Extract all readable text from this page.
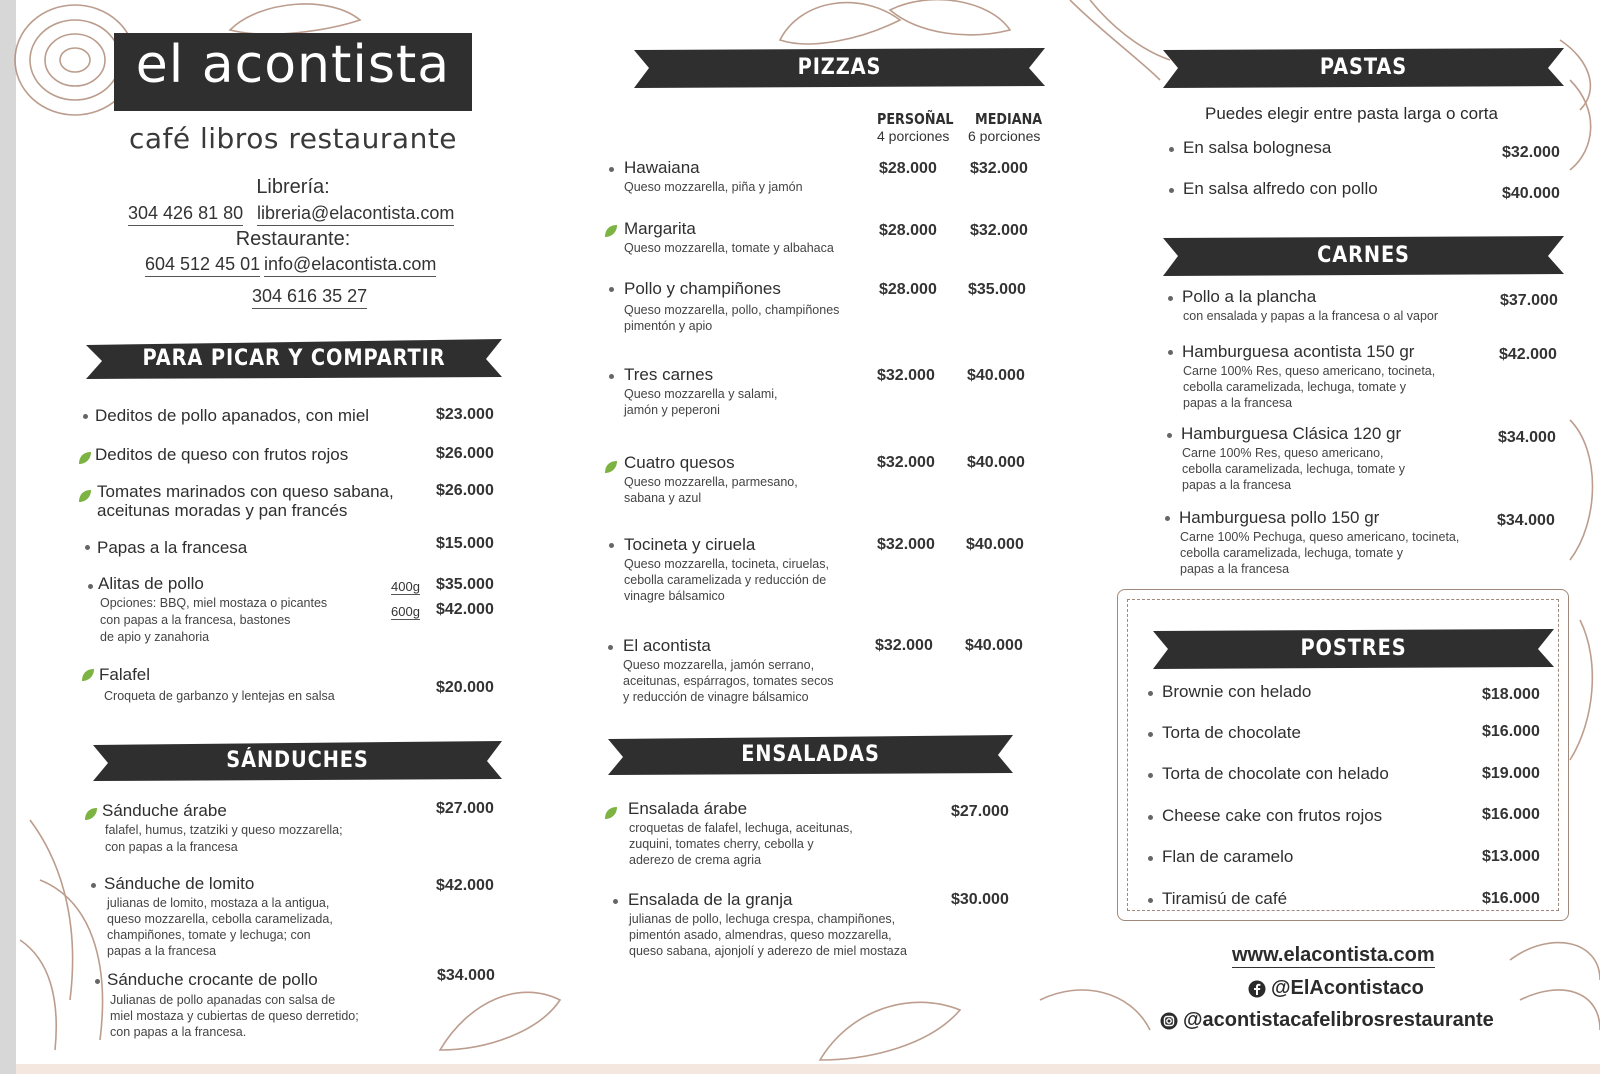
el acontista
café libros restaurante
Librería:
304 426 81 80 libreria@elacontista.com
Restaurante:
604 512 45 01 info@elacontista.com
304 616 35 27
PARA PICAR Y COMPARTIR
SÁNDUCHES
PIZZAS
ENSALADAS
PASTAS
CARNES
POSTRES
Deditos de pollo apanados, con miel	$23.000
Deditos de queso con frutos rojos	$26.000
Tomates marinados con queso sabana,
aceitunas moradas y pan francés
$26.000
Papas a la francesa	$15.000
Alitas de pollo
Opciones: BBQ, miel mostaza o picantes
con papas a la francesa, bastones
de apio y zanahoria
400g $35.000
600g $42.000
Falafel
Croqueta de garbanzo y lentejas en salsa	$20.000
Sánduche árabe
falafel, humus, tzatziki y queso mozzarella;
con papas a la francesa
$27.000
Sánduche de lomito
julianas de lomito, mostaza a la antigua,
queso mozzarella, cebolla caramelizada,
champiñones, tomate y lechuga; con
papas a la francesa
$42.000
Sánduche crocante de pollo
Julianas de pollo apanadas con salsa de
miel mostaza y cubiertas de queso derretido;
con papas a la francesa.
$34.000
PERSOÑAL
4 porciones
MEDIANA
6 porciones
Hawaiana
Queso mozzarella, piña y jamón
$28.000 $32.000
Margarita
Queso mozzarella, tomate y albahaca
$28.000 $32.000
Pollo y champiñones
Queso mozzarella, pollo, champiñones
pimentón y apio
$28.000 $35.000
Tres carnes
Queso mozzarella y salami,
jamón y peperoni
$32.000 $40.000
Cuatro quesos
Queso mozzarella, parmesano,
sabana y azul
$32.000 $40.000
Tocineta y ciruela
Queso mozzarella, tocineta, ciruelas,
cebolla caramelizada y reducción de
vinagre bálsamico
$32.000 $40.000
El acontista
Queso mozzarella, jamón serrano,
aceitunas, espárragos, tomates secos
y reducción de vinagre bálsamico
$32.000 $40.000
Ensalada árabe
croquetas de falafel, lechuga, aceitunas,
zuquini, tomates cherry, cebolla y
aderezo de crema agria
$27.000
Ensalada de la granja
julianas de pollo, lechuga crespa, champiñones,
pimentón asado, almendras, queso mozzarella,
queso sabana, ajonjolí y aderezo de miel mostaza
$30.000
Puedes elegir entre pasta larga o corta
En salsa bolognesa	$32.000
En salsa alfredo con pollo	$40.000
Pollo a la plancha
con ensalada y papas a la francesa o al vapor
$37.000
Hamburguesa acontista 150 gr
Carne 100% Res, queso americano, tocineta,
cebolla caramelizada, lechuga, tomate y
papas a la francesa
$42.000
Hamburguesa Clásica 120 gr
Carne 100% Res, queso americano,
cebolla caramelizada, lechuga, tomate y
papas a la francesa
$34.000
Hamburguesa pollo 150 gr
Carne 100% Pechuga, queso americano, tocineta,
cebolla caramelizada, lechuga, tomate y
papas a la francesa
$34.000
Brownie con helado	$18.000
Torta de chocolate	$16.000
Torta de chocolate con helado	$19.000
Cheese cake con frutos rojos	$16.000
Flan de caramelo	$13.000
Tiramisú de café	$16.000
www.elacontista.com
@ElAcontistaco
@acontistacafelibrosrestaurante
